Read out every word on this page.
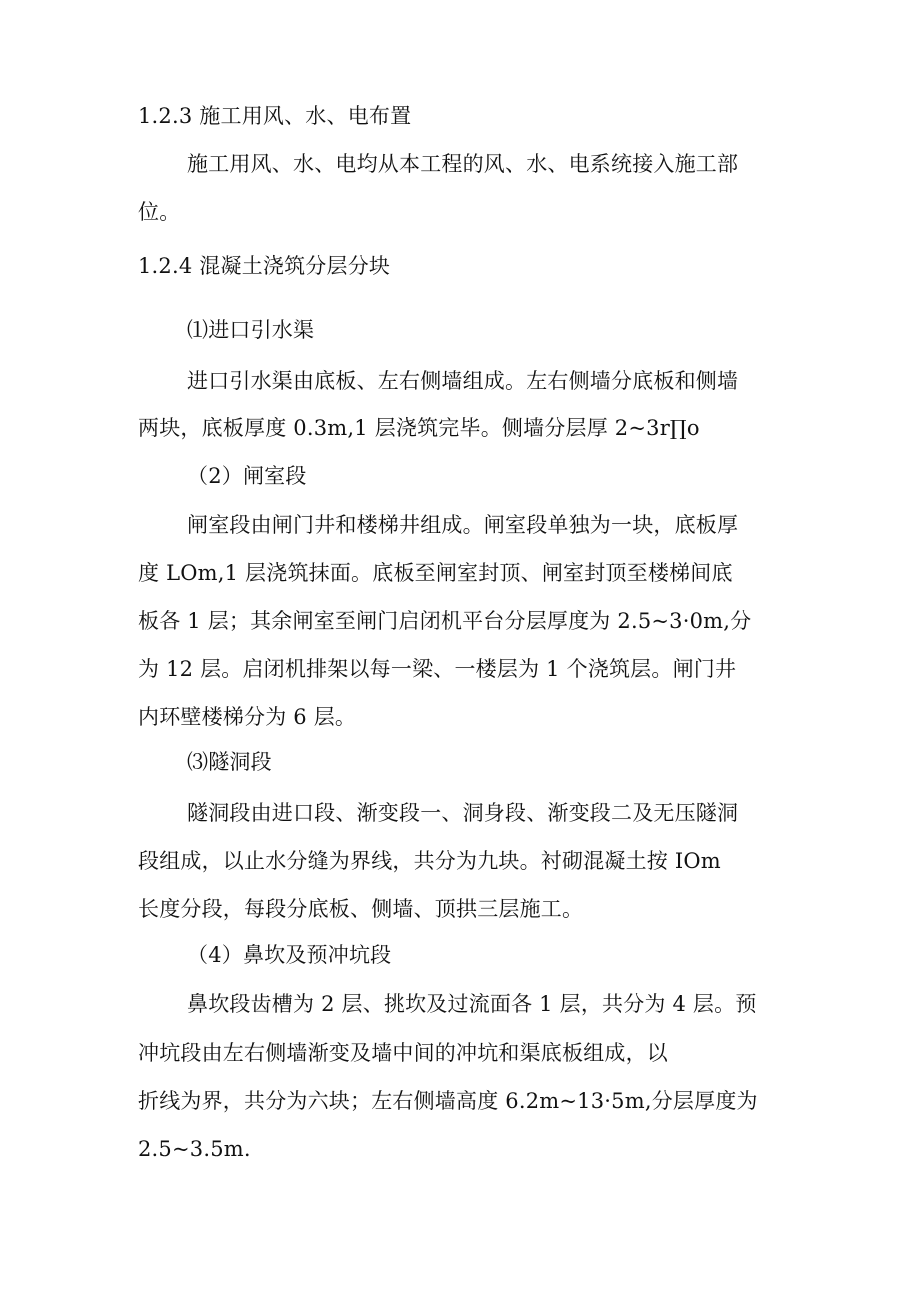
1.2.3 施工用风、水、电布置
施工用风、水、电均从本工程的风、水、电系统接入施工部
位。
1.2.4 混凝土浇筑分层分块
⑴进口引水渠
进口引水渠由底板、左右侧墙组成。左右侧墙分底板和侧墙
两块，底板厚度 0.3m,1 层浇筑完毕。侧墙分层厚 2~3r∏o
（2）闸室段
闸室段由闸门井和楼梯井组成。闸室段单独为一块，底板厚
度 LOm,1 层浇筑抹面。底板至闸室封顶、闸室封顶至楼梯间底
板各 1 层；其余闸室至闸门启闭机平台分层厚度为 2.5~3·0m,分
为 12 层。启闭机排架以每一梁、一楼层为 1 个浇筑层。闸门井
内环壁楼梯分为 6 层。
⑶隧洞段
隧洞段由进口段、渐变段一、洞身段、渐变段二及无压隧洞
段组成，以止水分缝为界线，共分为九块。衬砌混凝土按 IOm
长度分段，每段分底板、侧墙、顶拱三层施工。
（4）鼻坎及预冲坑段
鼻坎段齿槽为 2 层、挑坎及过流面各 1 层，共分为 4 层。预
冲坑段由左右侧墙渐变及墙中间的冲坑和渠底板组成，以
折线为界，共分为六块；左右侧墙高度 6.2m~13·5m,分层厚度为
2.5~3.5m.
